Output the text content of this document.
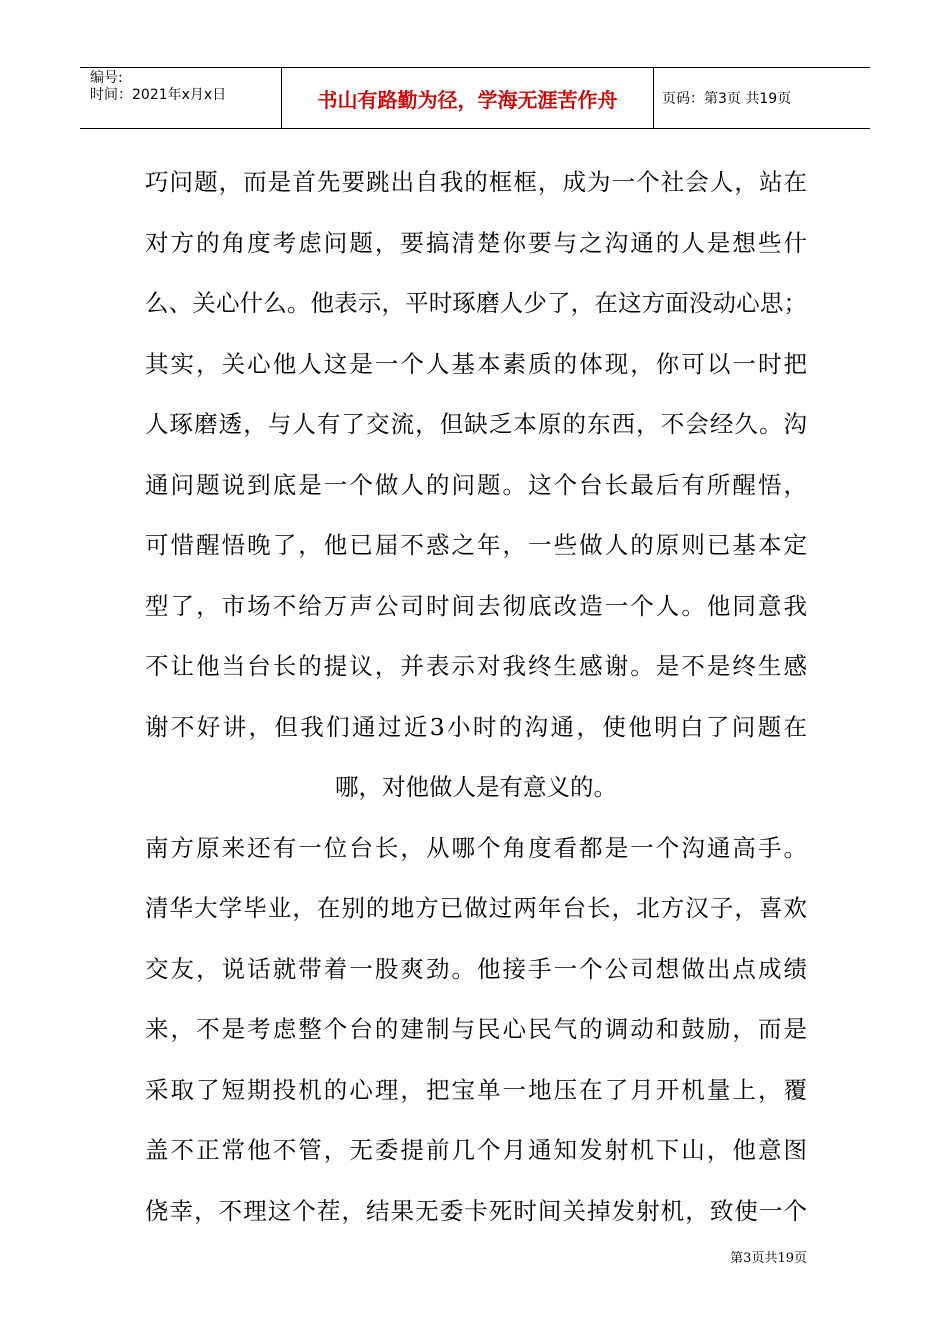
编号:
时间：2021年x月x日	书山有路勤为径，学海无涯苦作舟	页码：第3页 共19页
巧问题，而是首先要跳出自我的框框，成为一个社会人，站在
对方的角度考虑问题，要搞清楚你要与之沟通的人是想些什
么、关心什么。他表示，平时琢磨人少了，在这方面没动心思；
其实，关心他人这是一个人基本素质的体现，你可以一时把
人琢磨透，与人有了交流，但缺乏本原的东西，不会经久。沟
通问题说到底是一个做人的问题。这个台长最后有所醒悟，
可惜醒悟晚了，他已届不惑之年，一些做人的原则已基本定
型了，市场不给万声公司时间去彻底改造一个人。他同意我
不让他当台长的提议，并表示对我终生感谢。是不是终生感
谢不好讲，但我们通过近3小时的沟通，使他明白了问题在
哪，对他做人是有意义的。
南方原来还有一位台长，从哪个角度看都是一个沟通高手。
清华大学毕业，在别的地方已做过两年台长，北方汉子，喜欢
交友，说话就带着一股爽劲。他接手一个公司想做出点成绩
来，不是考虑整个台的建制与民心民气的调动和鼓励，而是
采取了短期投机的心理，把宝单一地压在了月开机量上，覆
盖不正常他不管，无委提前几个月通知发射机下山，他意图
侥幸，不理这个茬，结果无委卡死时间关掉发射机，致使一个
第3页共19页
